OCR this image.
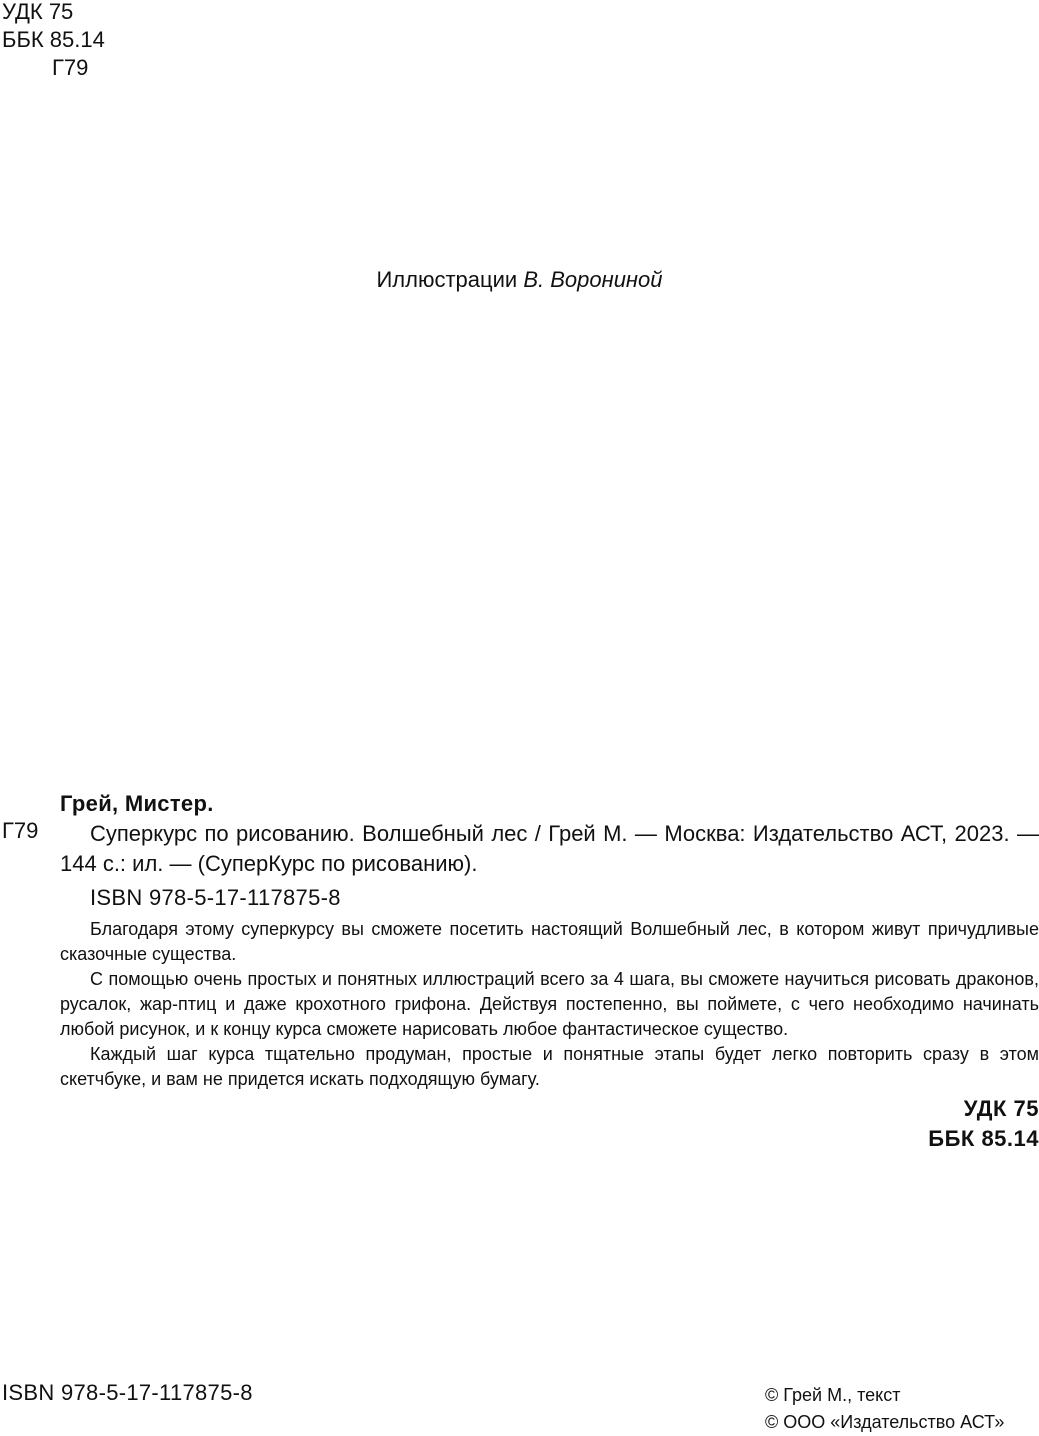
УДК 75
ББК 85.14
Г79
Иллюстрации В. Ворониной
Г79
Грей, Мистер.

Суперкурс по рисованию. Волшебный лес / Грей М. — Москва: Издательство АСТ, 2023. — 144 с.: ил. — (СуперКурс по рисованию).

ISBN 978-5-17-117875-8

Благодаря этому суперкурсу вы сможете посетить настоящий Волшебный лес, в котором живут причудливые сказочные существа.

С помощью очень простых и понятных иллюстраций всего за 4 шага, вы сможете научиться рисовать драконов, русалок, жар-птиц и даже крохотного грифона. Действуя постепенно, вы поймете, с чего необходимо начинать любой рисунок, и к концу курса сможете нарисовать любое фантастическое существо.

Каждый шаг курса тщательно продуман, простые и понятные этапы будет легко повторить сразу в этом скетчбуке, и вам не придется искать подходящую бумагу.

УДК 75
ББК 85.14
ISBN 978-5-17-117875-8	© Грей М., текст
© ООО «Издательство АСТ»
